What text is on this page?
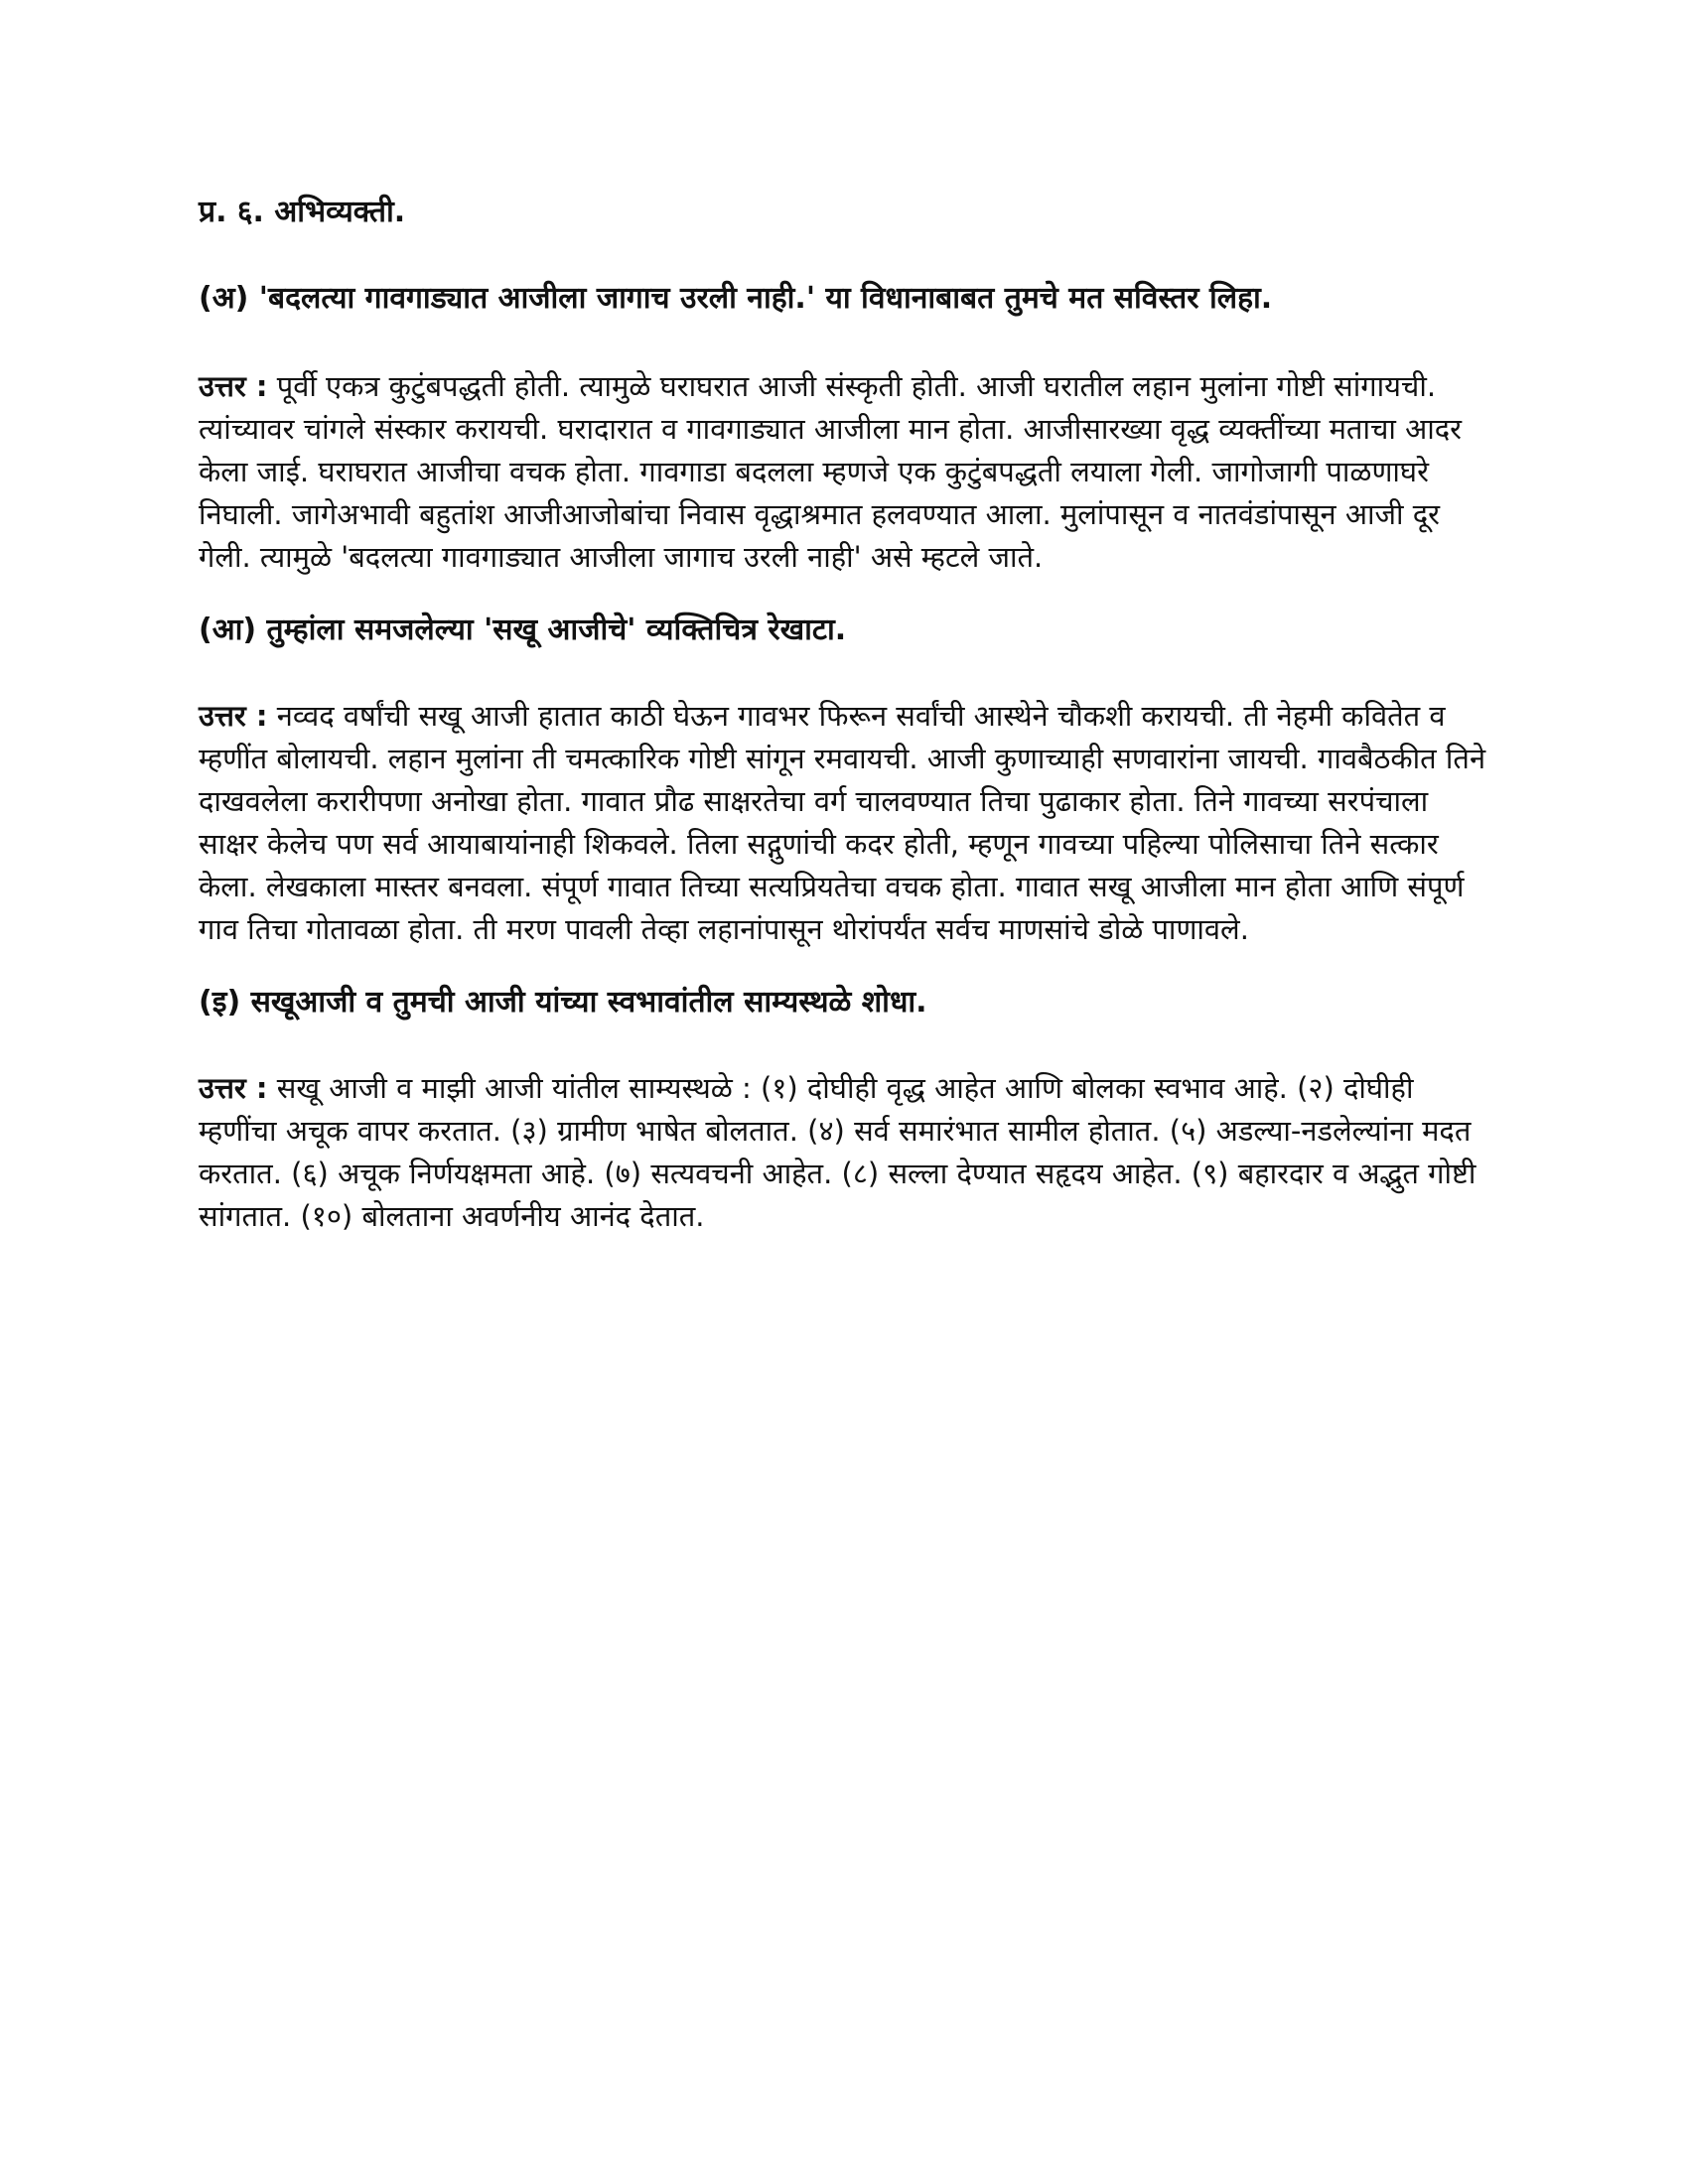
प्र. ६. अभिव्यक्ती.

(अ) 'बदलत्या गावगाड्यात आजीला जागाच उरली नाही.' या विधानाबाबत तुमचे मत सविस्तर लिहा.

उत्तर : पूर्वी एकत्र कुटुंबपद्धती होती. त्यामुळे घराघरात आजी संस्कृती होती. आजी घरातील लहान मुलांना गोष्टी सांगायची. त्यांच्यावर चांगले संस्कार करायची. घरादारात व गावगाड्यात आजीला मान होता. आजीसारख्या वृद्ध व्यक्तींच्या मताचा आदर केला जाई. घराघरात आजीचा वचक होता. गावगाडा बदलला म्हणजे एक कुटुंबपद्धती लयाला गेली. जागोजागी पाळणाघरे निघाली. जागेअभावी बहुतांश आजीआजोबांचा निवास वृद्धाश्रमात हलवण्यात आला. मुलांपासून व नातवंडांपासून आजी दूर गेली. त्यामुळे 'बदलत्या गावगाड्यात आजीला जागाच उरली नाही' असे म्हटले जाते.

(आ) तुम्हांला समजलेल्या 'सखू आजीचे' व्यक्तिचित्र रेखाटा.

उत्तर : नव्वद वर्षांची सखू आजी हातात काठी घेऊन गावभर फिरून सर्वांची आस्थेने चौकशी करायची. ती नेहमी कवितेत व म्हणींत बोलायची. लहान मुलांना ती चमत्कारिक गोष्टी सांगून रमवायची. आजी कुणाच्याही सणवारांना जायची. गावबैठकीत तिने दाखवलेला करारीपणा अनोखा होता. गावात प्रौढ साक्षरतेचा वर्ग चालवण्यात तिचा पुढाकार होता. तिने गावच्या सरपंचाला साक्षर केलेच पण सर्व आयाबायांनाही शिकवले. तिला सद्गुणांची कदर होती, म्हणून गावच्या पहिल्या पोलिसाचा तिने सत्कार केला. लेखकाला मास्तर बनवला. संपूर्ण गावात तिच्या सत्यप्रियतेचा वचक होता. गावात सखू आजीला मान होता आणि संपूर्ण गाव तिचा गोतावळा होता. ती मरण पावली तेव्हा लहानांपासून थोरांपर्यंत सर्वच माणसांचे डोळे पाणावले.

(इ) सखूआजी व तुमची आजी यांच्या स्वभावांतील साम्यस्थळे शोधा.

उत्तर : सखू आजी व माझी आजी यांतील साम्यस्थळे : (१) दोघीही वृद्ध आहेत आणि बोलका स्वभाव आहे. (२) दोघीही म्हणींचा अचूक वापर करतात. (३) ग्रामीण भाषेत बोलतात. (४) सर्व समारंभात सामील होतात. (५) अडल्या-नडलेल्यांना मदत करतात. (६) अचूक निर्णयक्षमता आहे. (७) सत्यवचनी आहेत. (८) सल्ला देण्यात सहृदय आहेत. (९) बहारदार व अद्भुत गोष्टी सांगतात. (१०) बोलताना अवर्णनीय आनंद देतात.
